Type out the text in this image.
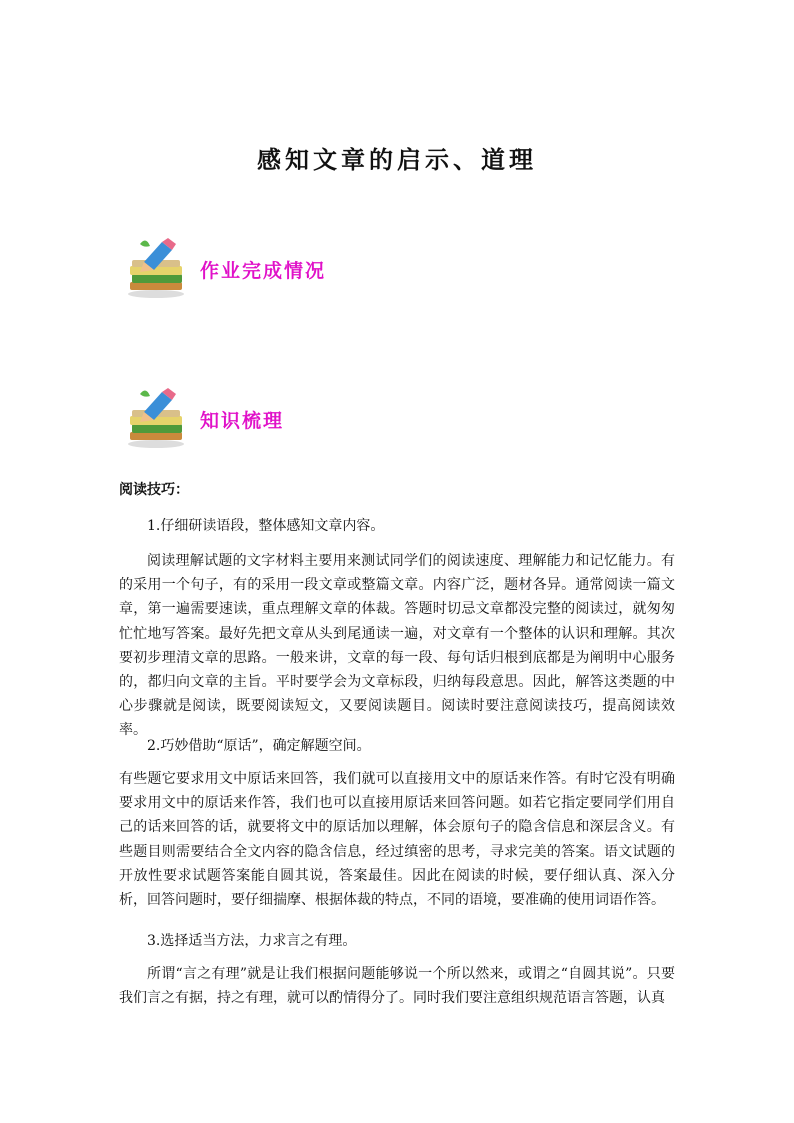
感知文章的启示、道理
作业完成情况
知识梳理
阅读技巧：
1.仔细研读语段，整体感知文章内容。

阅读理解试题的文字材料主要用来测试同学们的阅读速度、理解能力和记忆能力。有的采用一个句子，有的采用一段文章或整篇文章。内容广泛，题材各异。通常阅读一篇文章，第一遍需要速读，重点理解文章的体裁。答题时切忌文章都没完整的阅读过，就匆匆忙忙地写答案。最好先把文章从头到尾通读一遍，对文章有一个整体的认识和理解。其次要初步理清文章的思路。一般来讲，文章的每一段、每句话归根到底都是为阐明中心服务的，都归向文章的主旨。平时要学会为文章标段，归纳每段意思。因此，解答这类题的中心步骤就是阅读，既要阅读短文，又要阅读题目。阅读时要注意阅读技巧，提高阅读效率。

2.巧妙借助“原话”，确定解题空间。

有些题它要求用文中原话来回答，我们就可以直接用文中的原话来作答。有时它没有明确要求用文中的原话来作答，我们也可以直接用原话来回答问题。如若它指定要同学们用自己的话来回答的话，就要将文中的原话加以理解，体会原句子的隐含信息和深层含义。有些题目则需要结合全文内容的隐含信息，经过缜密的思考，寻求完美的答案。语文试题的开放性要求试题答案能自圆其说，答案最佳。因此在阅读的时候，要仔细认真、深入分析，回答问题时，要仔细揣摩、根据体裁的特点，不同的语境，要准确的使用词语作答。

3.选择适当方法，力求言之有理。

所谓“言之有理”就是让我们根据问题能够说一个所以然来，或谓之“自圆其说”。只要我们言之有据，持之有理，就可以酌情得分了。同时我们要注意组织规范语言答题，认真
